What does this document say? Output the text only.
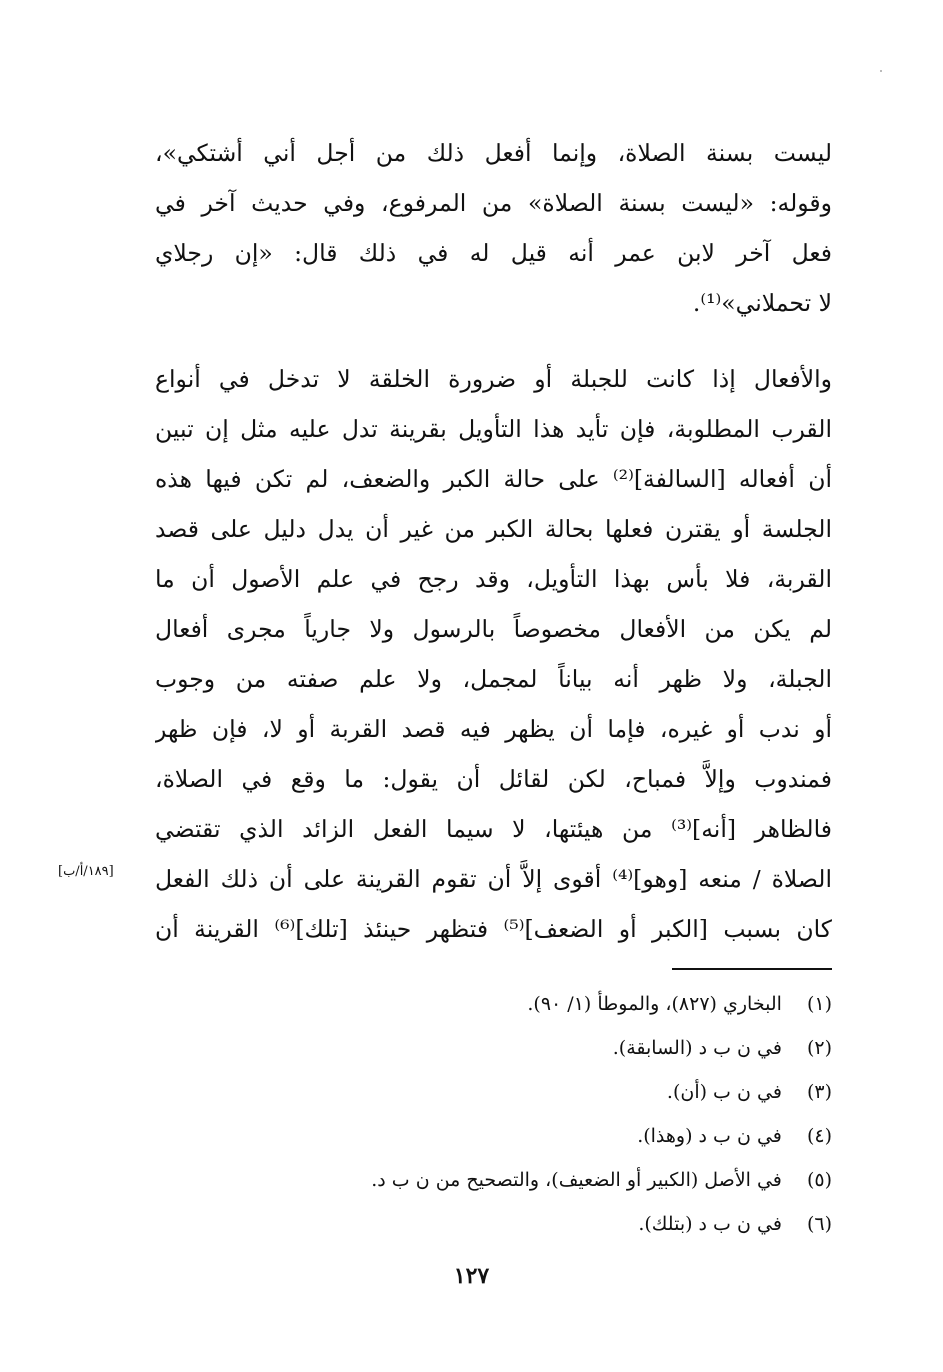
ليست بسنة الصلاة، وإنما أفعل ذلك من أجل أني أشتكي»،
وقوله: «ليست بسنة الصلاة» من المرفوع، وفي حديث آخر في
فعل آخر لابن عمر أنه قيل له في ذلك قال: «إن رجلاي
لا تحملاني»⁽¹⁾.
والأفعال إذا كانت للجبلة أو ضرورة الخلقة لا تدخل في أنواع
القرب المطلوبة، فإن تأيد هذا التأويل بقرينة تدل عليه مثل إن تبين
أن أفعاله [السالفة]⁽²⁾ على حالة الكبر والضعف، لم تكن فيها هذه
الجلسة أو يقترن فعلها بحالة الكبر من غير أن يدل دليل على قصد
القربة، فلا بأس بهذا التأويل، وقد رجح في علم الأصول أن ما
لم يكن من الأفعال مخصوصاً بالرسول ولا جارياً مجرى أفعال
الجبلة، ولا ظهر أنه بياناً لمجمل، ولا علم صفته من وجوب
أو ندب أو غيره، فإما أن يظهر فيه قصد القربة أو لا، فإن ظهر
فمندوب وإلاَّ فمباح، لكن لقائل أن يقول: ما وقع في الصلاة،
فالظاهر [أنه]⁽³⁾ من هيئتها، لا سيما الفعل الزائد الذي تقتضي
الصلاة / منعه [وهو]⁽⁴⁾ أقوى إلاَّ أن تقوم القرينة على أن ذلك الفعل
كان بسبب [الكبر أو الضعف]⁽⁵⁾ فتظهر حينئذ [تلك]⁽⁶⁾ القرينة أن
[١٨٩/أ/ب]
(١)  البخاري (٨٢٧)، والموطأ (١/ ٩٠).
(٢)  في ن ب د (السابقة).
(٣)  في ن ب (أن).
(٤)  في ن ب د (وهذا).
(٥)  في الأصل (الكبير أو الضعيف)، والتصحيح من ن ب د.
(٦)  في ن ب د (بتلك).
١٢٧
